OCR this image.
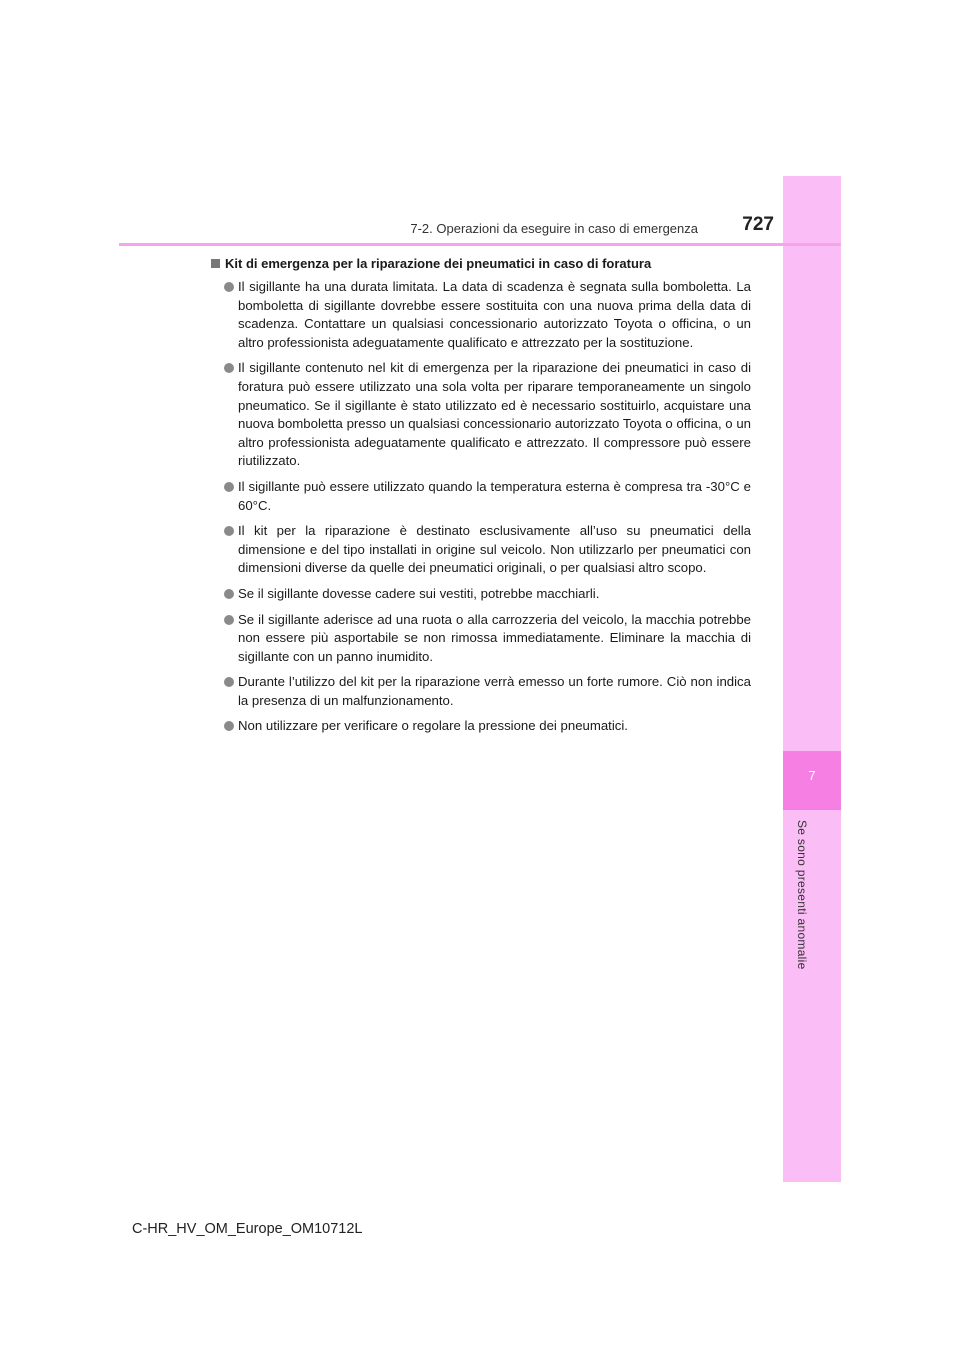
7
Se sono presenti anomalie
7-2. Operazioni da eseguire in caso di emergenza	727
Kit di emergenza per la riparazione dei pneumatici in caso di foratura
Il sigillante ha una durata limitata. La data di scadenza è segnata sulla bomboletta. La bomboletta di sigillante dovrebbe essere sostituita con una nuova prima della data di scadenza. Contattare un qualsiasi concessionario autorizzato Toyota o officina, o un altro professionista adeguatamente qualificato e attrezzato per la sostituzione.
Il sigillante contenuto nel kit di emergenza per la riparazione dei pneumatici in caso di foratura può essere utilizzato una sola volta per riparare temporaneamente un singolo pneumatico. Se il sigillante è stato utilizzato ed è necessario sostituirlo, acquistare una nuova bomboletta presso un qualsiasi concessionario autorizzato Toyota o officina, o un altro professionista adeguatamente qualificato e attrezzato. Il compressore può essere riutilizzato.
Il sigillante può essere utilizzato quando la temperatura esterna è compresa tra -30°C e 60°C.
Il kit per la riparazione è destinato esclusivamente all’uso su pneumatici della dimensione e del tipo installati in origine sul veicolo. Non utilizzarlo per pneumatici con dimensioni diverse da quelle dei pneumatici originali, o per qualsiasi altro scopo.
Se il sigillante dovesse cadere sui vestiti, potrebbe macchiarli.
Se il sigillante aderisce ad una ruota o alla carrozzeria del veicolo, la macchia potrebbe non essere più asportabile se non rimossa immediatamente. Eliminare la macchia di sigillante con un panno inumidito.
Durante l’utilizzo del kit per la riparazione verrà emesso un forte rumore. Ciò non indica la presenza di un malfunzionamento.
Non utilizzare per verificare o regolare la pressione dei pneumatici.
C-HR_HV_OM_Europe_OM10712L
